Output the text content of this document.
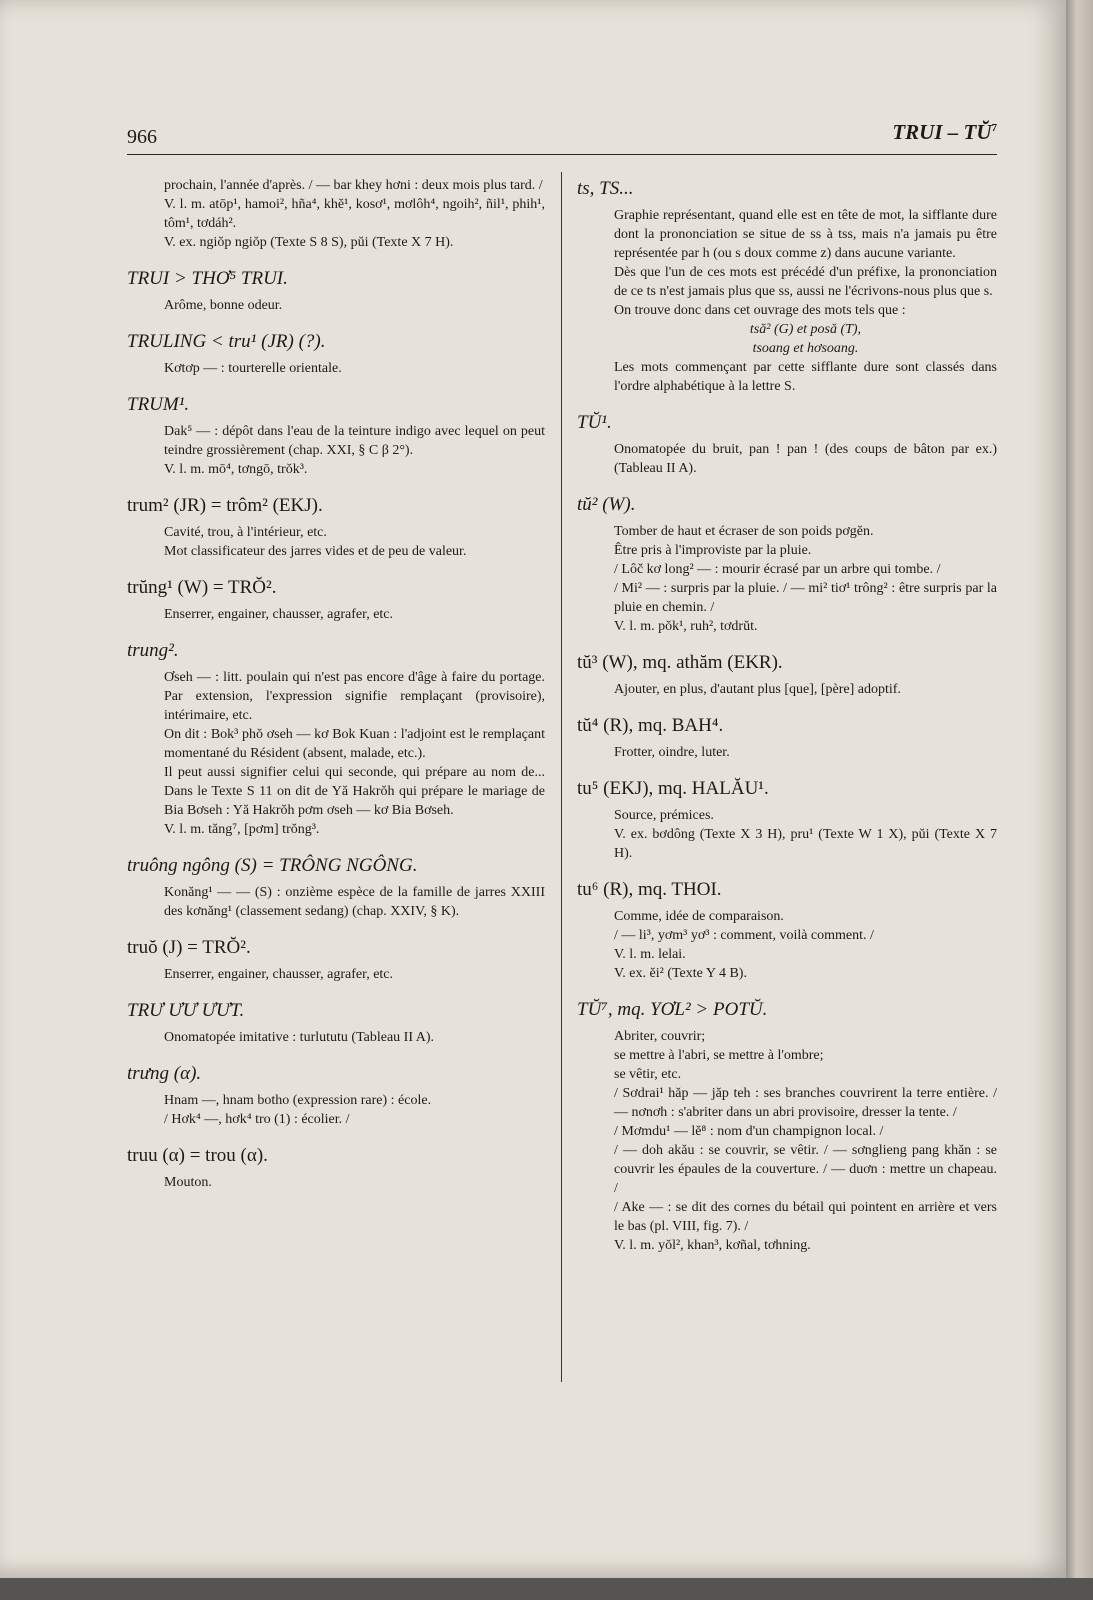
966	TRUI – $TŬ^7$

prochain, l'année d'après. / — bar khey hơni : deux mois plus tard. /

V. l. m. atōp¹, hamoi², hña⁴, khĕ¹, kosơ¹, mơlôh⁴, ngoih², ñil¹, phih¹, tôm¹, tơdáh².

V. ex. ngiŏp ngiŏp (Texte S 8 S), pŭi (Texte X 7 H).

TRUI > THƠ⁵ TRUI.

Arôme, bonne odeur.

TRULING < tru¹ (JR) (?).

Kơtơp — : tourterelle orientale.

TRUM¹.

Dak⁵ — : dépôt dans l'eau de la teinture indigo avec lequel on peut teindre grossièrement (chap. XXI, § C β 2°).

V. l. m. mō⁴, tơngō, trŏk³.

trum² (JR) = trôm² (EKJ).

Cavité, trou, à l'intérieur, etc.

Mot classificateur des jarres vides et de peu de valeur.

trŭng¹ (W) = TRŎ².

Enserrer, engainer, chausser, agrafer, etc.

trung².

Ơseh — : litt. poulain qui n'est pas encore d'âge à faire du portage. Par extension, l'expression signifie remplaçant (provisoire), intérimaire, etc.

On dit : Bok³ phŏ ơseh — kơ Bok Kuan : l'adjoint est le remplaçant momentané du Résident (absent, malade, etc.).

Il peut aussi signifier celui qui seconde, qui prépare au nom de... Dans le Texte S 11 on dit de Yă Hakrŏh qui prépare le mariage de Bia Bơseh : Yă Hakrŏh pơm ơseh — kơ Bia Bơseh.

V. l. m. tăng⁷, [pơm] trŏng³.

truông ngông (S) = TRÔNG NGÔNG.

Konăng¹ — — (S) : onzième espèce de la famille de jarres XXIII des kơnăng¹ (classement sedang) (chap. XXIV, § K).

truŏ (J) = TRŎ².

Enserrer, engainer, chausser, agrafer, etc.

TRƯ ƯƯ ƯƯT.

Onomatopée imitative : turlututu (Tableau II A).

trưng (α).

Hnam —, hnam botho (expression rare) : école.

/ Hơk⁴ —, hơk⁴ tro (1) : écolier. /

truu (α) = trou (α).

Mouton.

ts, TS...

Graphie représentant, quand elle est en tête de mot, la sifflante dure dont la prononciation se situe de ss à tss, mais n'a jamais pu être représentée par h (ou s doux comme z) dans aucune variante.

Dès que l'un de ces mots est précédé d'un préfixe, la prononciation de ce ts n'est jamais plus que ss, aussi ne l'écrivons-nous plus que s.

On trouve donc dans cet ouvrage des mots tels que :

tsă² (G) et posă (T),

tsoang et hơsoang.

Les mots commençant par cette sifflante dure sont classés dans l'ordre alphabétique à la lettre S.

TŬ¹.

Onomatopée du bruit, pan ! pan ! (des coups de bâton par ex.) (Tableau II A).

tŭ² (W).

Tomber de haut et écraser de son poids pơgĕn.

Être pris à l'improviste par la pluie.

/ Lôč kơ long² — : mourir écrasé par un arbre qui tombe. /

/ Mi² — : surpris par la pluie. / — mi² tiơ¹ trông² : être surpris par la pluie en chemin. /

V. l. m. pŏk¹, ruh², tơdrŭt.

tŭ³ (W), mq. athăm (EKR).

Ajouter, en plus, d'autant plus [que], [père] adoptif.

tŭ⁴ (R), mq. BAH⁴.

Frotter, oindre, luter.

tu⁵ (EKJ), mq. HALĂU¹.

Source, prémices.

V. ex. bơdông (Texte X 3 H), pru¹ (Texte W 1 X), pŭi (Texte X 7 H).

tu⁶ (R), mq. THOI.

Comme, idée de comparaison.

/ — li³, yơm³ yơ³ : comment, voilà comment. /

V. l. m. lelai.

V. ex. ĕi² (Texte Y 4 B).

TŬ⁷, mq. YƠL² > POTŬ.

Abriter, couvrir;

se mettre à l'abri, se mettre à l'ombre;

se vêtir, etc.

/ Sơdrai¹ hăp — jăp teh : ses branches couvrirent la terre entière. / — nơnơh : s'abriter dans un abri provisoire, dresser la tente. /

/ Mơmdu¹ — lĕ⁸ : nom d'un champignon local. /

/ — doh akău : se couvrir, se vêtir. / — sơnglieng pang khăn : se couvrir les épaules de la couverture. / — duơn : mettre un chapeau. /

/ Ake — : se dit des cornes du bétail qui pointent en arrière et vers le bas (pl. VIII, fig. 7). /

V. l. m. yŏl², khan³, kơñal, tơhning.
